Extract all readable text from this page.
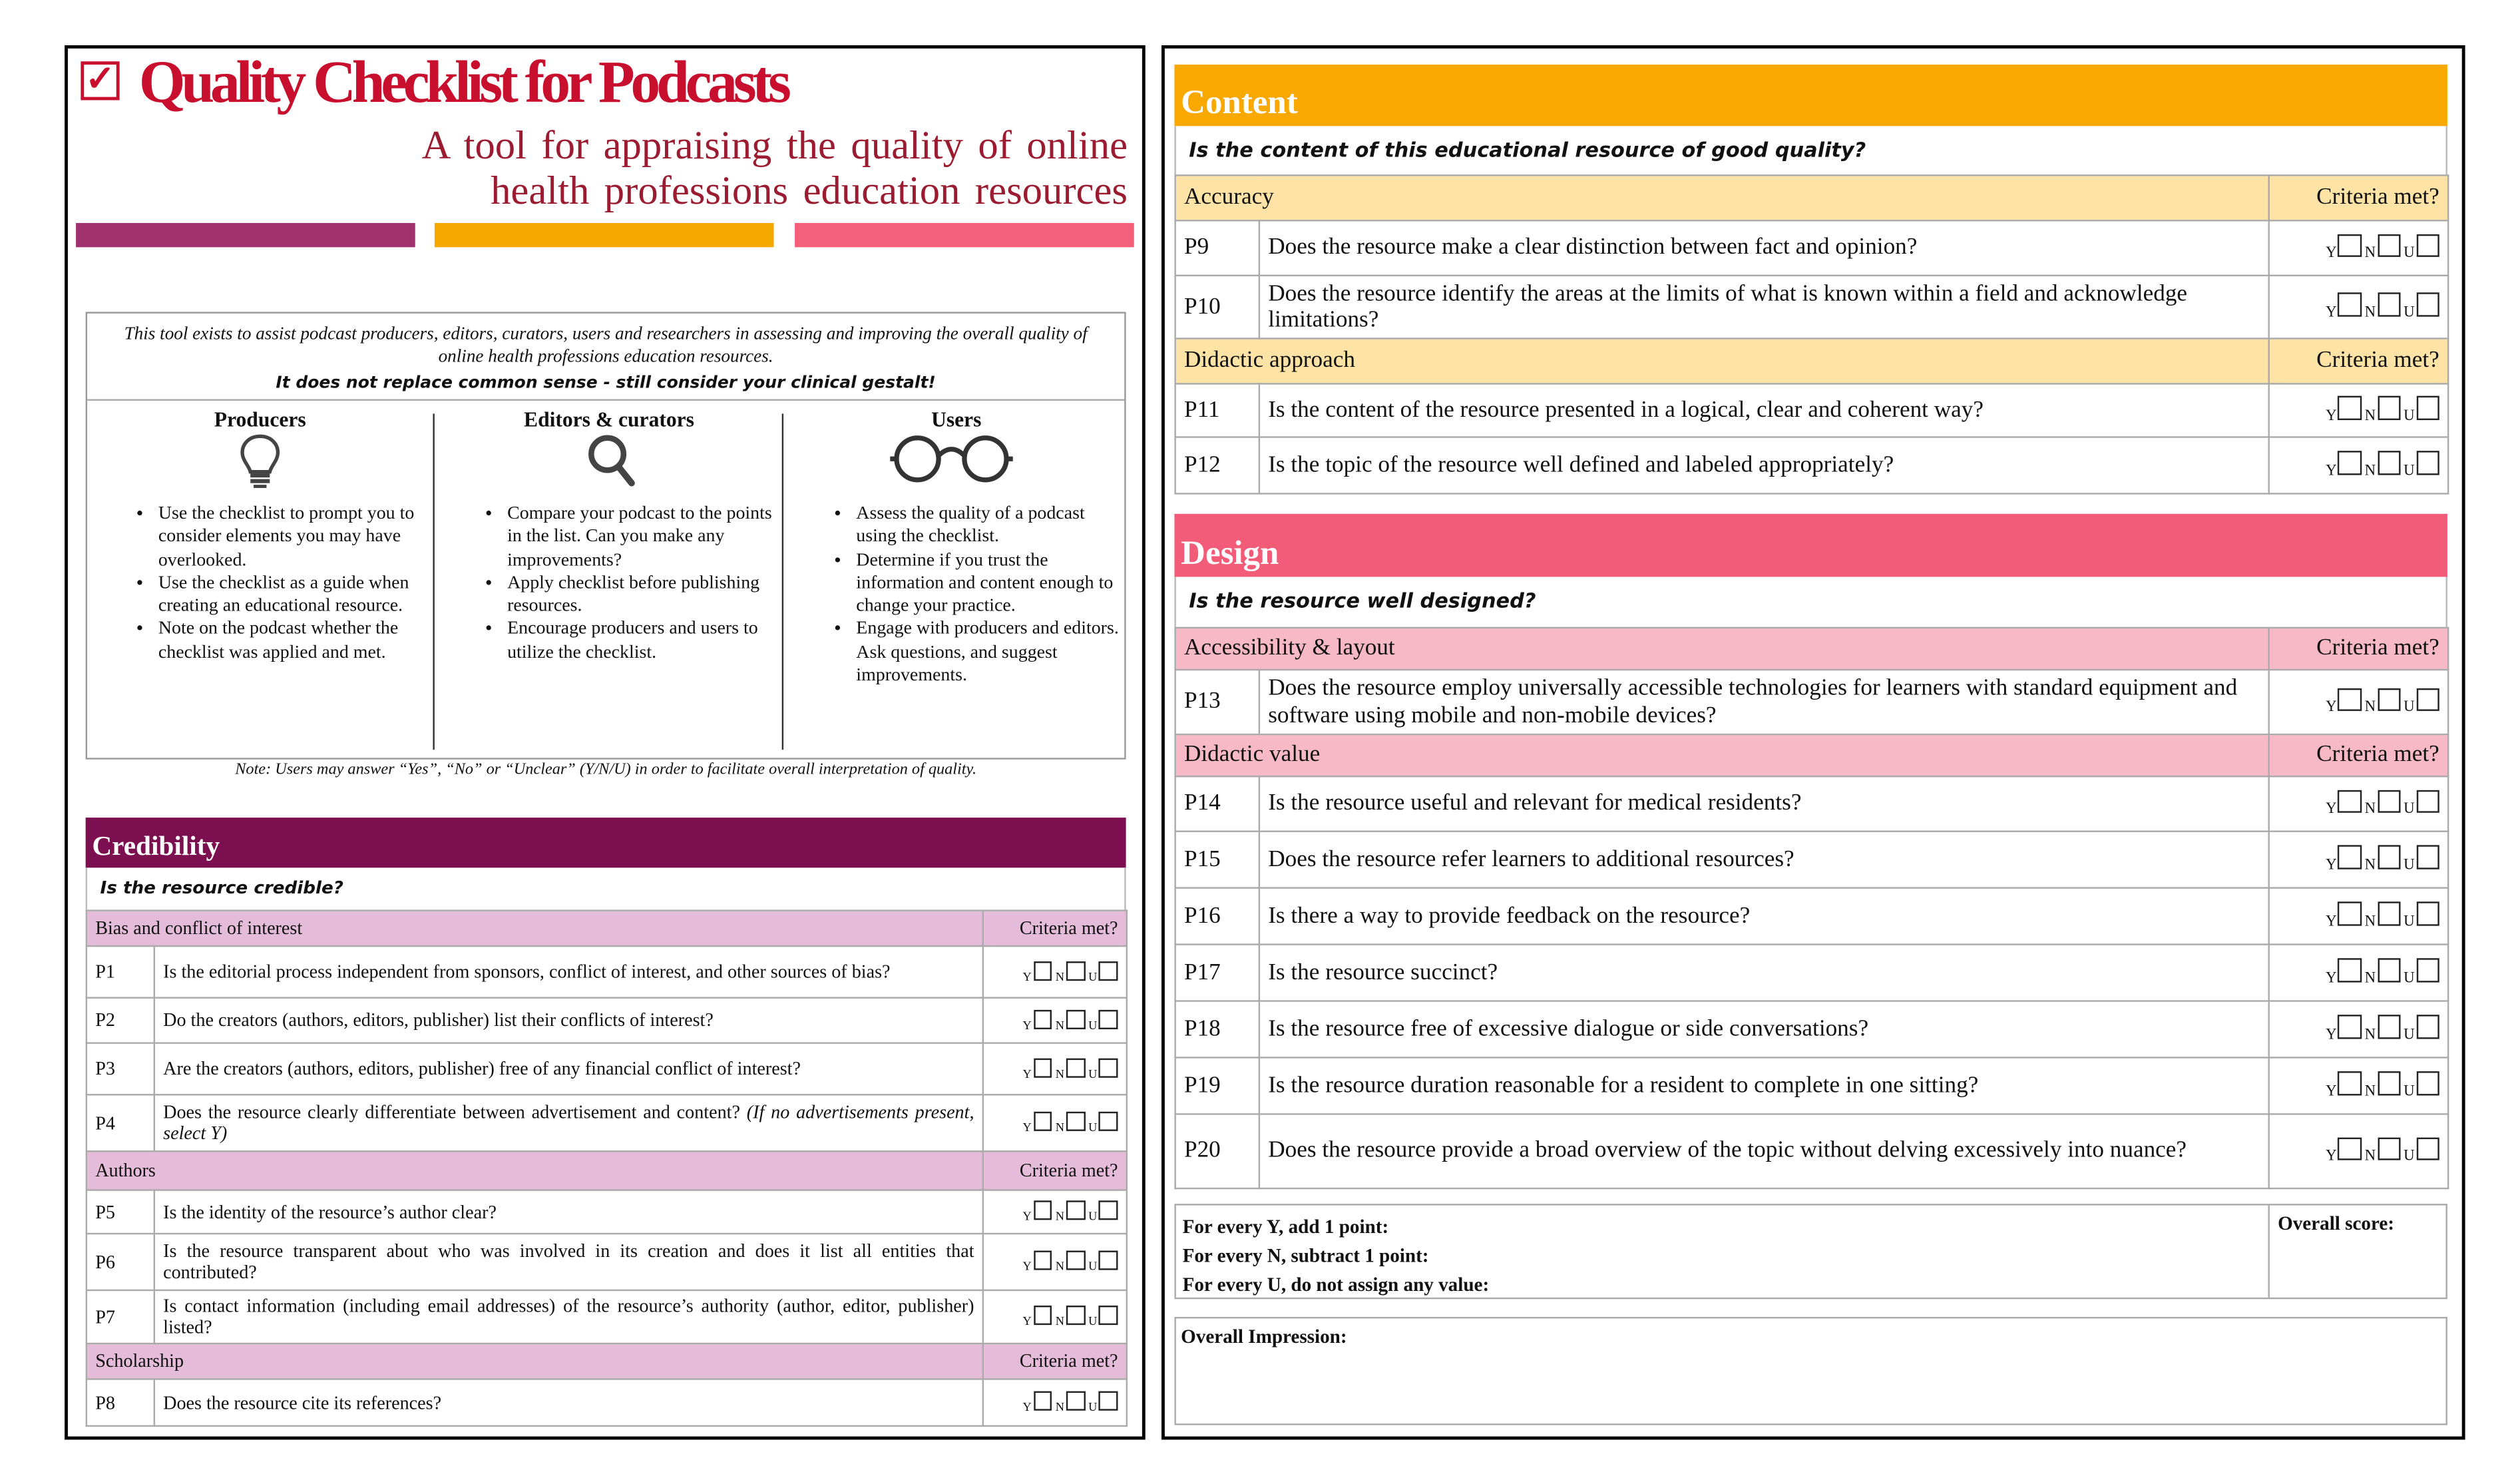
✓ Quality Checklist for Podcasts
A tool for appraising the quality of online
health professions education resources
This tool exists to assist podcast producers, editors, curators, users and researchers in assessing and improving the overall quality of online health professions education resources.
It does not replace common sense - still consider your clinical gestalt!
Producers
• Use the checklist to prompt you to consider elements you may have overlooked.
• Use the checklist as a guide when creating an educational resource.
• Note on the podcast whether the checklist was applied and met.
Editors & curators
• Compare your podcast to the points in the list. Can you make any improvements?
• Apply checklist before publishing resources.
• Encourage producers and users to utilize the checklist.
Users
• Assess the quality of a podcast using the checklist.
• Determine if you trust the information and content enough to change your practice.
• Engage with producers and editors. Ask questions, and suggest improvements.
Note: Users may answer “Yes”, “No” or “Unclear” (Y/N/U) in order to facilitate overall interpretation of quality.
Credibility
Is the resource credible?
Bias and conflict of interest		Criteria met?
P1	Is the editorial process independent from sponsors, conflict of interest, and other sources of bias?	$_Y$ $_N$ $_U$
P2	Do the creators (authors, editors, publisher) list their conflicts of interest?	$_Y$ $_N$ $_U$
P3	Are the creators (authors, editors, publisher) free of any financial conflict of interest?	$_Y$ $_N$ $_U$
P4	Does the resource clearly differentiate between advertisement and content? (If no advertisements present, select Y)	$_Y$ $_N$ $_U$
Authors		Criteria met?
P5	Is the identity of the resource’s author clear?	$_Y$ $_N$ $_U$
P6	Is the resource transparent about who was involved in its creation and does it list all entities that contributed?	$_Y$ $_N$ $_U$
P7	Is contact information (including email addresses) of the resource’s authority (author, editor, publisher) listed?	$_Y$ $_N$ $_U$
Scholarship		Criteria met?
P8	Does the resource cite its references?	$_Y$ $_N$ $_U$
Content
Is the content of this educational resource of good quality?
Accuracy		Criteria met?
P9	Does the resource make a clear distinction between fact and opinion?	$_Y$ $_N$ $_U$
P10	Does the resource identify the areas at the limits of what is known within a field and acknowledge limitations?	$_Y$ $_N$ $_U$
Didactic approach		Criteria met?
P11	Is the content of the resource presented in a logical, clear and coherent way?	$_Y$ $_N$ $_U$
P12	Is the topic of the resource well defined and labeled appropriately?	$_Y$ $_N$ $_U$
Design
Is the resource well designed?
Accessibility & layout		Criteria met?
P13	Does the resource employ universally accessible technologies for learners with standard equipment and software using mobile and non-mobile devices?	$_Y$ $_N$ $_U$
Didactic value		Criteria met?
P14	Is the resource useful and relevant for medical residents?	$_Y$ $_N$ $_U$
P15	Does the resource refer learners to additional resources?	$_Y$ $_N$ $_U$
P16	Is there a way to provide feedback on the resource?	$_Y$ $_N$ $_U$
P17	Is the resource succinct?	$_Y$ $_N$ $_U$
P18	Is the resource free of excessive dialogue or side conversations?	$_Y$ $_N$ $_U$
P19	Is the resource duration reasonable for a resident to complete in one sitting?	$_Y$ $_N$ $_U$
P20	Does the resource provide a broad overview of the topic without delving excessively into nuance?	$_Y$ $_N$ $_U$
For every Y, add 1 point:
For every N, subtract 1 point:
For every U, do not assign any value:
Overall score:
Overall Impression:
